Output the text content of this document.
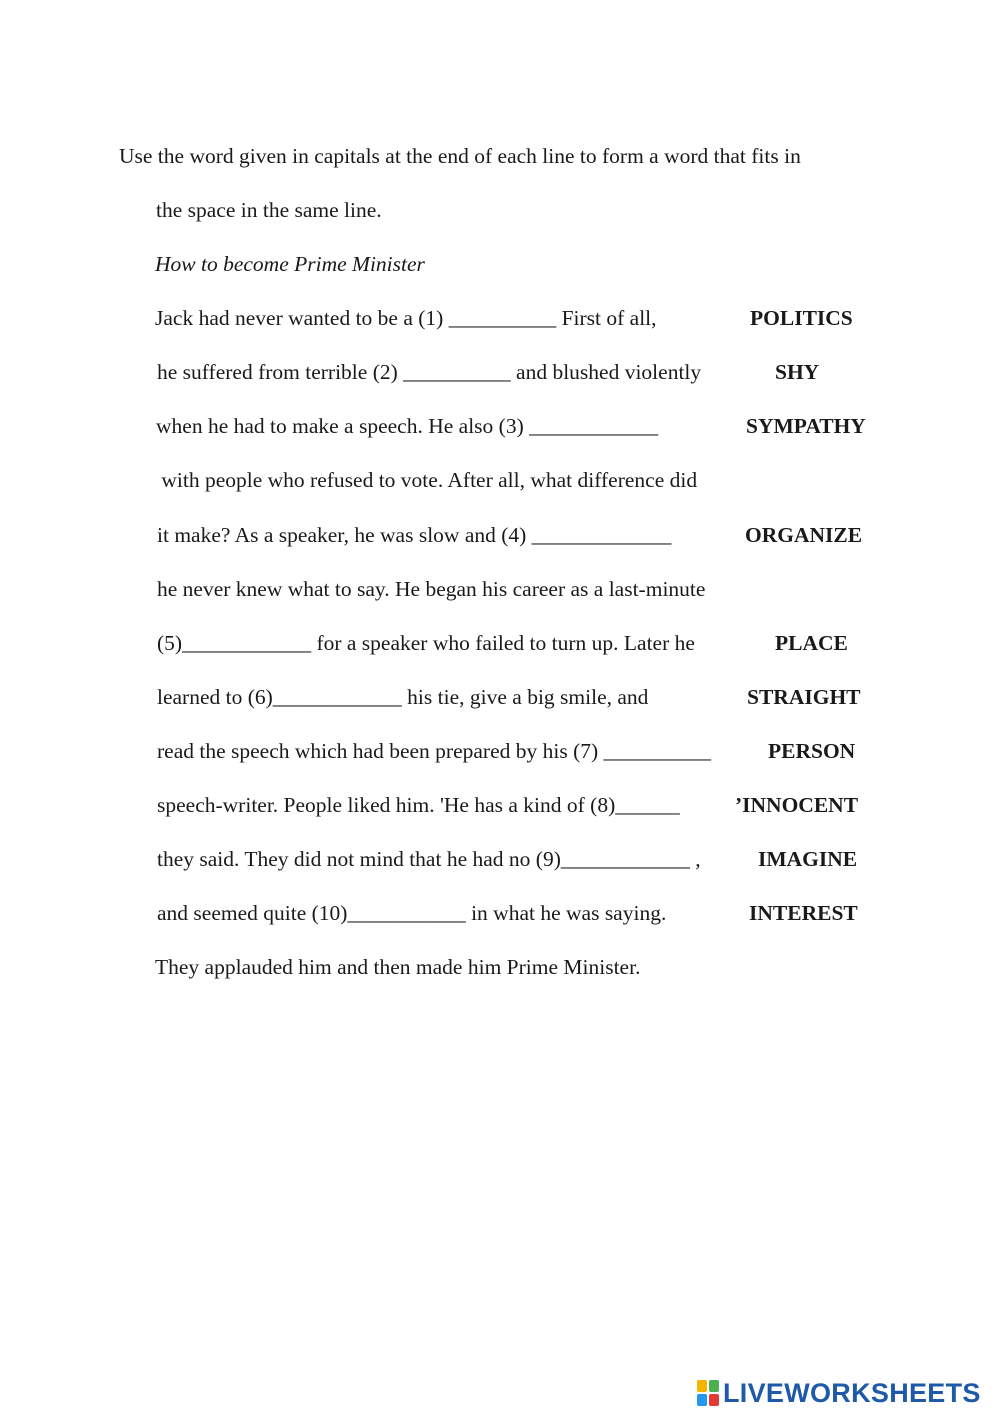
Use the word given in capitals at the end of each line to form a word that fits in
the space in the same line.
How to become Prime Minister
Jack had never wanted to be a (1) __________ First of all,	POLITICS
he suffered from terrible (2) __________ and blushed violently	SHY
when he had to make a speech. He also (3) ____________	SYMPATHY
with people who refused to vote. After all, what difference did
it make? As a speaker, he was slow and (4) _____________	ORGANIZE
he never knew what to say. He began his career as a last-minute
(5)____________ for a speaker who failed to turn up. Later he	PLACE
learned to (6)____________ his tie, give a big smile, and	STRAIGHT
read the speech which had been prepared by his (7) __________	PERSON
speech-writer. People liked him. 'He has a kind of (8)______	’INNOCENT
they said. They did not mind that he had no (9)____________ ,	IMAGINE
and seemed quite (10)___________ in what he was saying.	INTEREST
They applauded him and then made him Prime Minister.
LIVEWORKSHEETS
